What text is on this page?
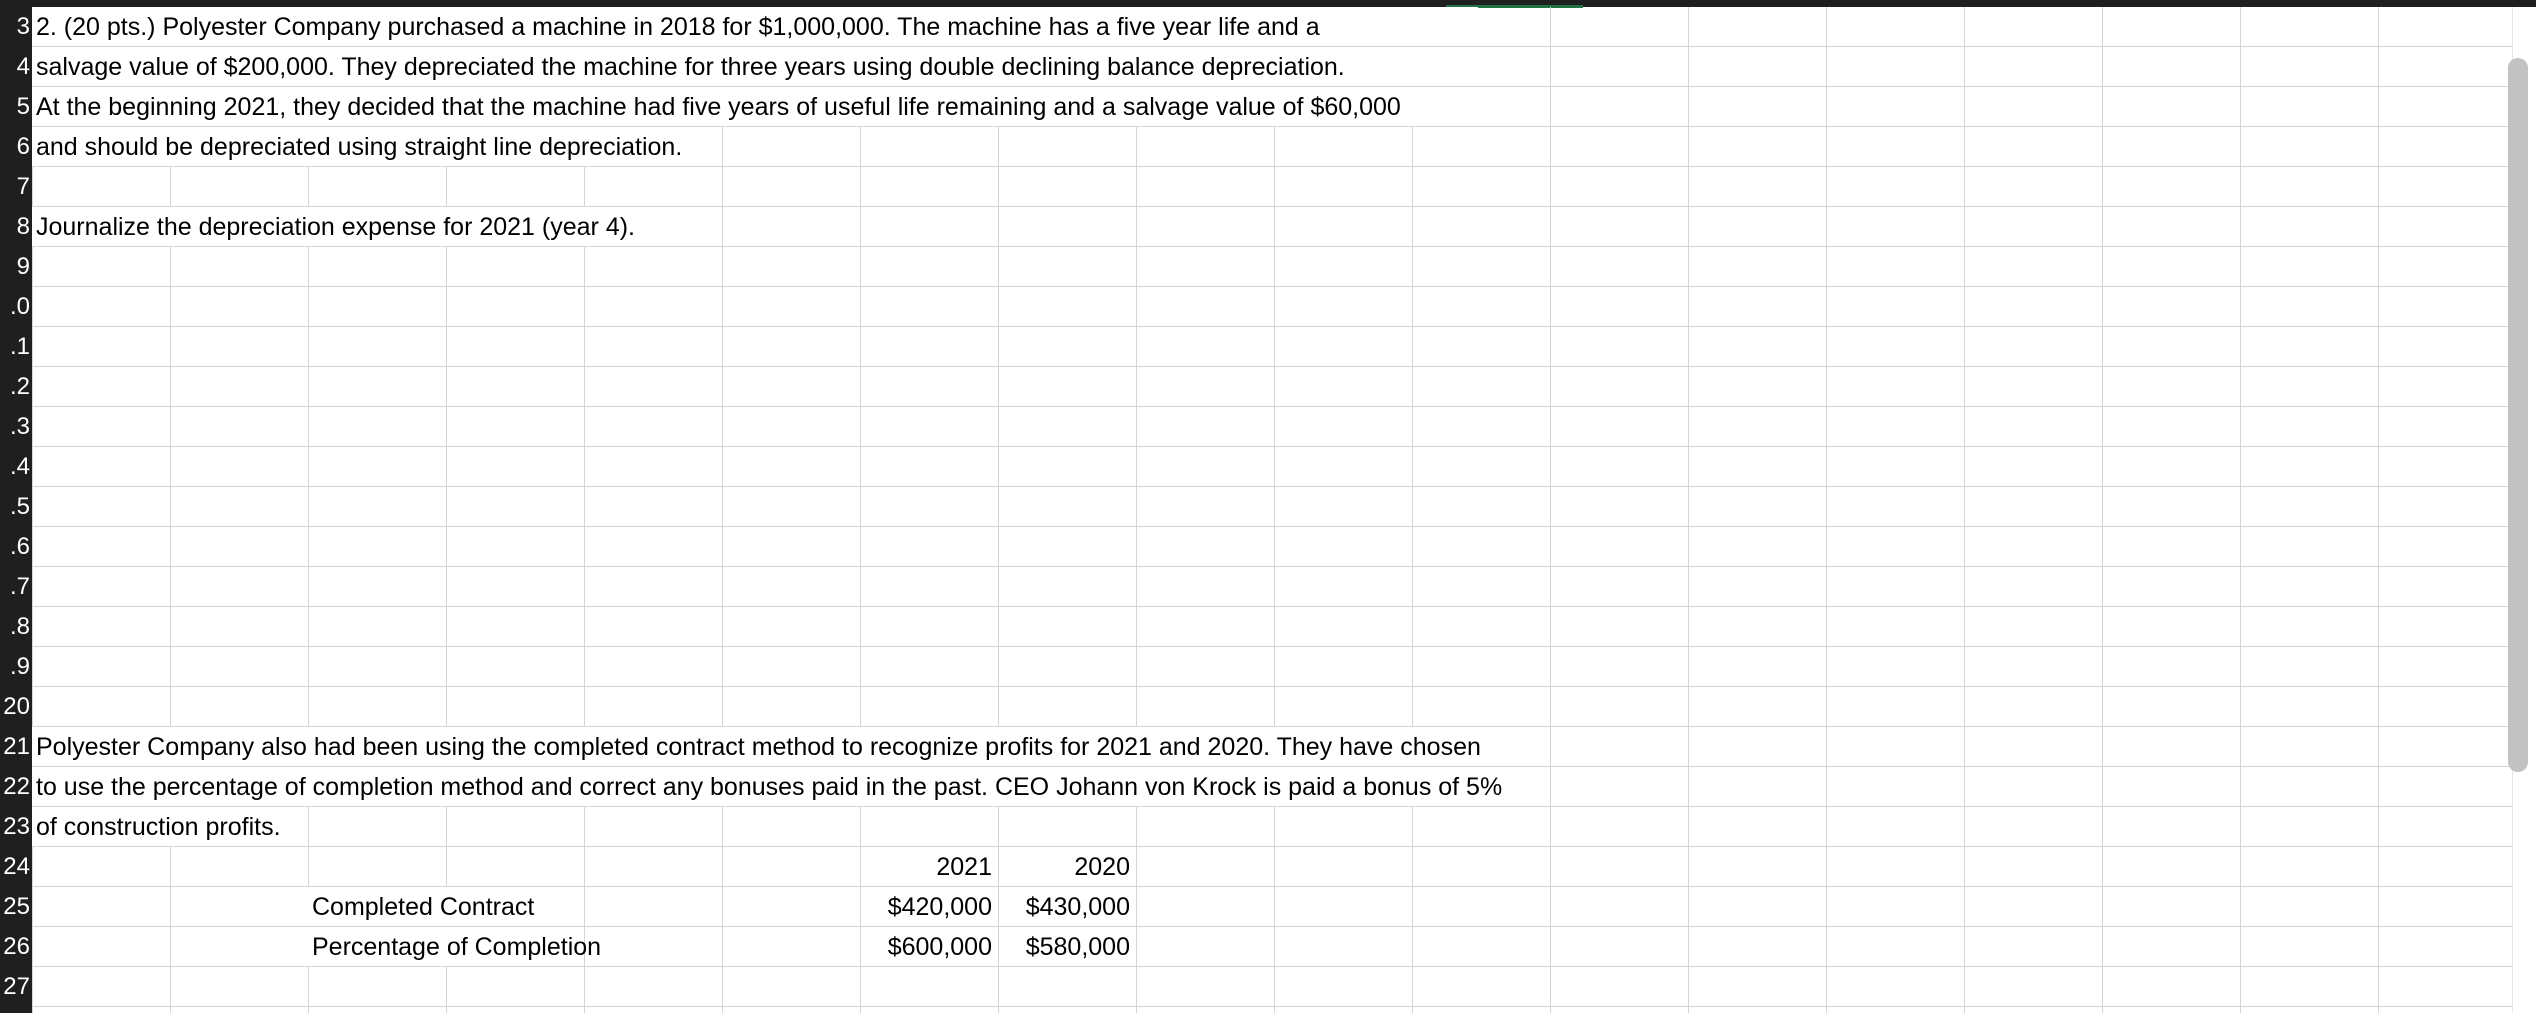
3
4
5
6
7
8
9
.0
.1
.2
.3
.4
.5
.6
.7
.8
.9
20
21
22
23
24
25
26
27
2. (20 pts.) Polyester Company purchased a machine in 2018 for $1,000,000. The machine has a five year life and a
salvage value of $200,000. They depreciated the machine for three years using double declining balance depreciation.
At the beginning 2021, they decided that the machine had five years of useful life remaining and a salvage value of $60,000
and should be depreciated using straight line depreciation.
Journalize the depreciation expense for 2021 (year 4).
Polyester Company also had been using the completed contract method to recognize profits for 2021 and 2020. They have chosen
to use the percentage of completion method and correct any bonuses paid in the past. CEO Johann von Krock is paid a bonus of 5%
of construction profits.
2021	2020
Completed Contract	$420,000	$430,000
Percentage of Completion	$600,000	$580,000
